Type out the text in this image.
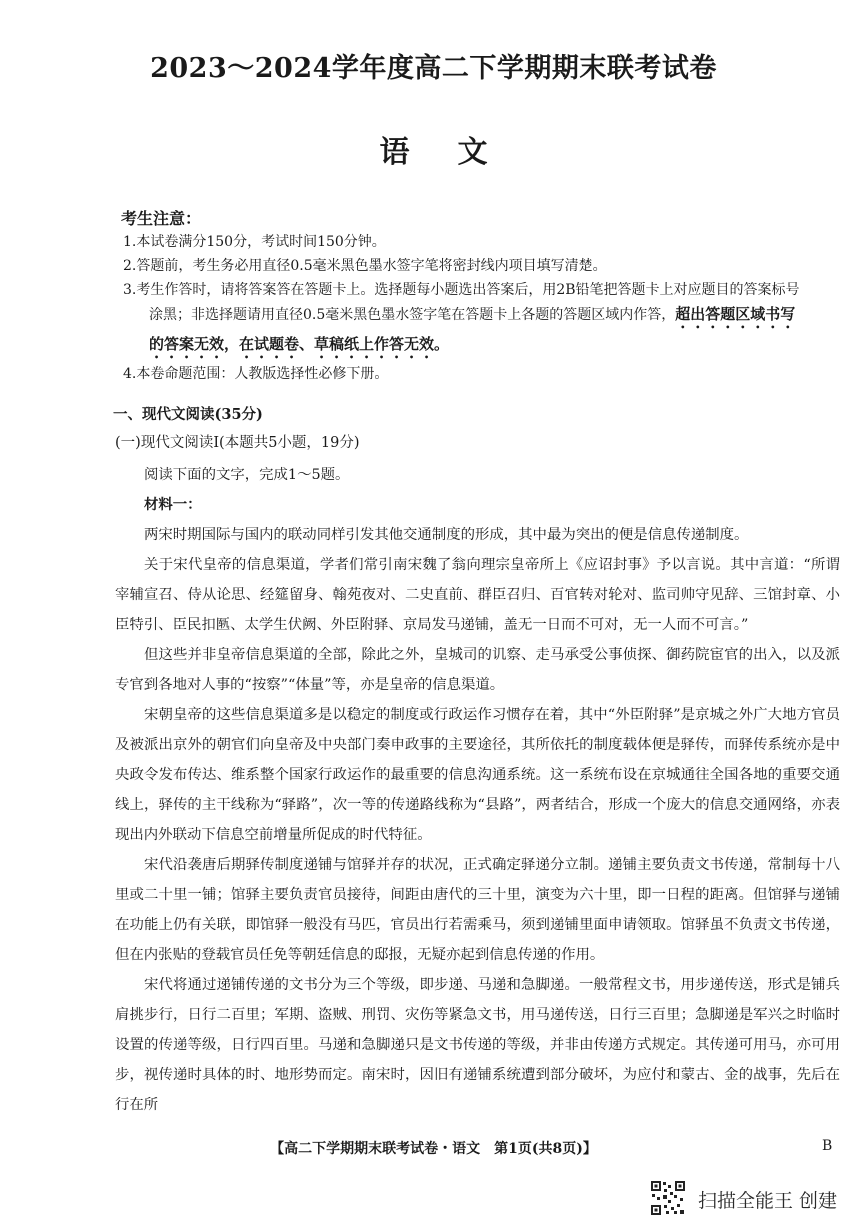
2023～2024学年度高二下学期期末联考试卷
语文
考生注意：

1.本试卷满分150分，考试时间150分钟。

2.答题前，考生务必用直径0.5毫米黑色墨水签字笔将密封线内项目填写清楚。

3.考生作答时，请将答案答在答题卡上。选择题每小题选出答案后，用2B铅笔把答题卡上对应题目的答案标号

涂黑；非选择题请用直径0.5毫米黑色墨水签字笔在答题卡上各题的答题区域内作答，超出答题区域书写

的答案无效，在试题卷、草稿纸上作答无效。

4.本卷命题范围：人教版选择性必修下册。

一、现代文阅读(35分)

(一)现代文阅读Ⅰ(本题共5小题，19分)

阅读下面的文字，完成1～5题。

材料一：

两宋时期国际与国内的联动同样引发其他交通制度的形成，其中最为突出的便是信息传递制度。

关于宋代皇帝的信息渠道，学者们常引南宋魏了翁向理宗皇帝所上《应诏封事》予以言说。其中言道：“所谓宰辅宣召、侍从论思、经筵留身、翰苑夜对、二史直前、群臣召归、百官转对轮对、监司帅守见辞、三馆封章、小臣特引、臣民扣匦、太学生伏阙、外臣附驿、京局发马递铺，盖无一日而不可对，无一人而不可言。”

但这些并非皇帝信息渠道的全部，除此之外，皇城司的讥察、走马承受公事侦探、御药院宦官的出入，以及派专官到各地对人事的“按察”“体量”等，亦是皇帝的信息渠道。

宋朝皇帝的这些信息渠道多是以稳定的制度或行政运作习惯存在着，其中“外臣附驿”是京城之外广大地方官员及被派出京外的朝官们向皇帝及中央部门奏申政事的主要途径，其所依托的制度载体便是驿传，而驿传系统亦是中央政令发布传达、维系整个国家行政运作的最重要的信息沟通系统。这一系统布设在京城通往全国各地的重要交通线上，驿传的主干线称为“驿路”，次一等的传递路线称为“县路”，两者结合，形成一个庞大的信息交通网络，亦表现出内外联动下信息空前增量所促成的时代特征。

宋代沿袭唐后期驿传制度递铺与馆驿并存的状况，正式确定驿递分立制。递铺主要负责文书传递，常制每十八里或二十里一铺；馆驿主要负责官员接待，间距由唐代的三十里，演变为六十里，即一日程的距离。但馆驿与递铺在功能上仍有关联，即馆驿一般没有马匹，官员出行若需乘马，须到递铺里面申请领取。馆驿虽不负责文书传递，但在内张贴的登载官员任免等朝廷信息的邸报，无疑亦起到信息传递的作用。

宋代将通过递铺传递的文书分为三个等级，即步递、马递和急脚递。一般常程文书，用步递传送，形式是铺兵肩挑步行，日行二百里；军期、盗贼、刑罚、灾伤等紧急文书，用马递传送，日行三百里；急脚递是军兴之时临时设置的传递等级，日行四百里。马递和急脚递只是文书传递的等级，并非由传递方式规定。其传递可用马，亦可用步，视传递时具体的时、地形势而定。南宋时，因旧有递铺系统遭到部分破坏，为应付和蒙古、金的战事，先后在行在所

【高二下学期期末联考试卷・语文　第1页(共8页)】	B
扫描全能王 创建
